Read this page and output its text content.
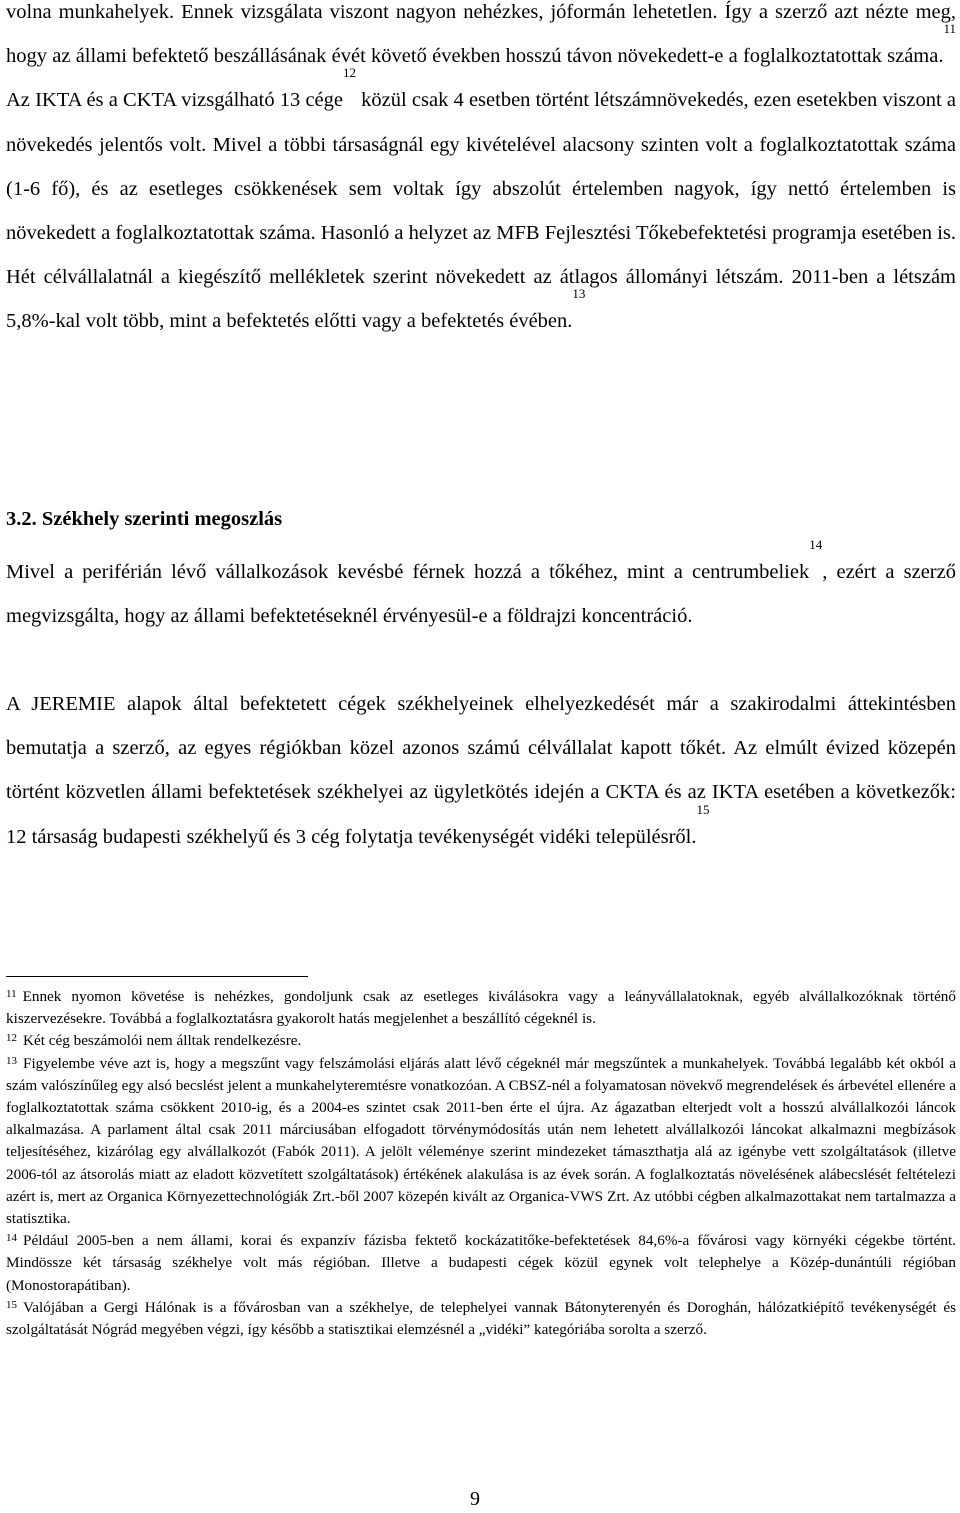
volna munkahelyek. Ennek vizsgálata viszont nagyon nehézkes, jóformán lehetetlen. Így a szerző azt nézte meg, hogy az állami befektető beszállásának évét követő években hosszú távon növekedett-e a foglalkoztatottak száma.$^{11}$ Az IKTA és a CKTA vizsgálható 13 cége$^{12}$ közül csak 4 esetben történt létszámnövekedés, ezen esetekben viszont a növekedés jelentős volt. Mivel a többi társaságnál egy kivételével alacsony szinten volt a foglalkoztatottak száma (1-6 fő), és az esetleges csökkenések sem voltak így abszolút értelemben nagyok, így nettó értelemben is növekedett a foglalkoztatottak száma. Hasonló a helyzet az MFB Fejlesztési Tőkebefektetési programja esetében is. Hét célvállalatnál a kiegészítő mellékletek szerint növekedett az átlagos állományi létszám. 2011-ben a létszám 5,8%-kal volt több, mint a befektetés előtti vagy a befektetés évében.$^{13}$

3.2. Székhely szerinti megoszlás

Mivel a periférián lévő vállalkozások kevésbé férnek hozzá a tőkéhez, mint a centrumbeliek$^{14}$, ezért a szerző megvizsgálta, hogy az állami befektetéseknél érvényesül-e a földrajzi koncentráció.

A JEREMIE alapok által befektetett cégek székhelyeinek elhelyezkedését már a szakirodalmi áttekintésben bemutatja a szerző, az egyes régiókban közel azonos számú célvállalat kapott tőkét. Az elmúlt évized közepén történt közvetlen állami befektetések székhelyei az ügyletkötés idején a CKTA és az IKTA esetében a következők: 12 társaság budapesti székhelyű és 3 cég folytatja tevékenységét vidéki településről.$^{15}$

$^{11}$ Ennek nyomon követése is nehézkes, gondoljunk csak az esetleges kiválásokra vagy a leányvállalatoknak, egyéb alvállalkozóknak történő kiszervezésekre. Továbbá a foglalkoztatásra gyakorolt hatás megjelenhet a beszállító cégeknél is.

$^{12}$ Két cég beszámolói nem álltak rendelkezésre.

$^{13}$ Figyelembe véve azt is, hogy a megszűnt vagy felszámolási eljárás alatt lévő cégeknél már megszűntek a munkahelyek. Továbbá legalább két okból a szám valószínűleg egy alsó becslést jelent a munkahelyteremtésre vonatkozóan. A CBSZ-nél a folyamatosan növekvő megrendelések és árbevétel ellenére a foglalkoztatottak száma csökkent 2010-ig, és a 2004-es szintet csak 2011-ben érte el újra. Az ágazatban elterjedt volt a hosszú alvállalkozói láncok alkalmazása. A parlament által csak 2011 márciusában elfogadott törvénymódosítás után nem lehetett alvállalkozói láncokat alkalmazni megbízások teljesítéséhez, kizárólag egy alvállalkozót (Fabók 2011). A jelölt véleménye szerint mindezeket támaszthatja alá az igénybe vett szolgáltatások (illetve 2006-tól az átsorolás miatt az eladott közvetített szolgáltatások) értékének alakulása is az évek során. A foglalkoztatás növelésének alábecslését feltételezi azért is, mert az Organica Környezettechnológiák Zrt.-ből 2007 közepén kivált az Organica-VWS Zrt. Az utóbbi cégben alkalmazottakat nem tartalmazza a statisztika.

$^{14}$ Például 2005-ben a nem állami, korai és expanzív fázisba fektető kockázatitőke-befektetések 84,6%-a fővárosi vagy környéki cégekbe történt. Mindössze két társaság székhelye volt más régióban. Illetve a budapesti cégek közül egynek volt telephelye a Közép-dunántúli régióban (Monostorapátiban).

$^{15}$ Valójában a Gergi Hálónak is a fővárosban van a székhelye, de telephelyei vannak Bátonyterenyén és Doroghán, hálózatkiépítő tevékenységét és szolgáltatását Nógrád megyében végzi, így később a statisztikai elemzésnél a „vidéki” kategóriába sorolta a szerző.

9
